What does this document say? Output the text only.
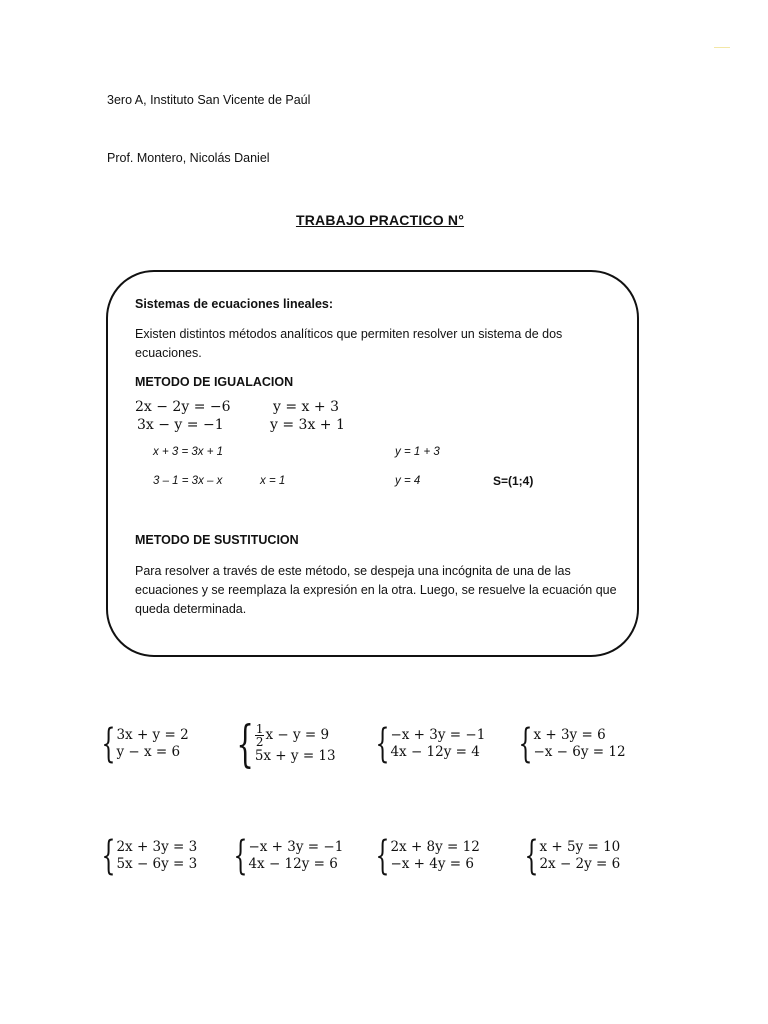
3ero A, Instituto San Vicente de Paúl
Prof. Montero, Nicolás Daniel
TRABAJO PRACTICO N°
Sistemas de ecuaciones lineales:
Existen distintos métodos analíticos que permiten resolver un sistema de dos
ecuaciones.
METODO DE IGUALACION
2x − 2y = −6
3x − y = −1
y = x + 3
y = 3x + 1
x + 3 = 3x + 1
3 – 1 = 3x – x	x = 1
y = 1 + 3
y = 4	S=(1;4)
METODO DE SUSTITUCION
Para resolver a través de este método, se despeja una incógnita de una de las
ecuaciones y se reemplaza la expresión en la otra. Luego, se resuelve la ecuación que
queda determinada.
{ 3x + y = 2
y − x = 6 { $\frac{1}{2}$ x − y = 9
5x + y = 13 { −x + 3y = −1
4x − 12y = 4 { x + 3y = 6
−x − 6y = 12
{ 2x + 3y = 3
5x − 6y = 3 { −x + 3y = −1
4x − 12y = 6 { 2x + 8y = 12
−x + 4y = 6 { x + 5y = 10
2x − 2y = 6
